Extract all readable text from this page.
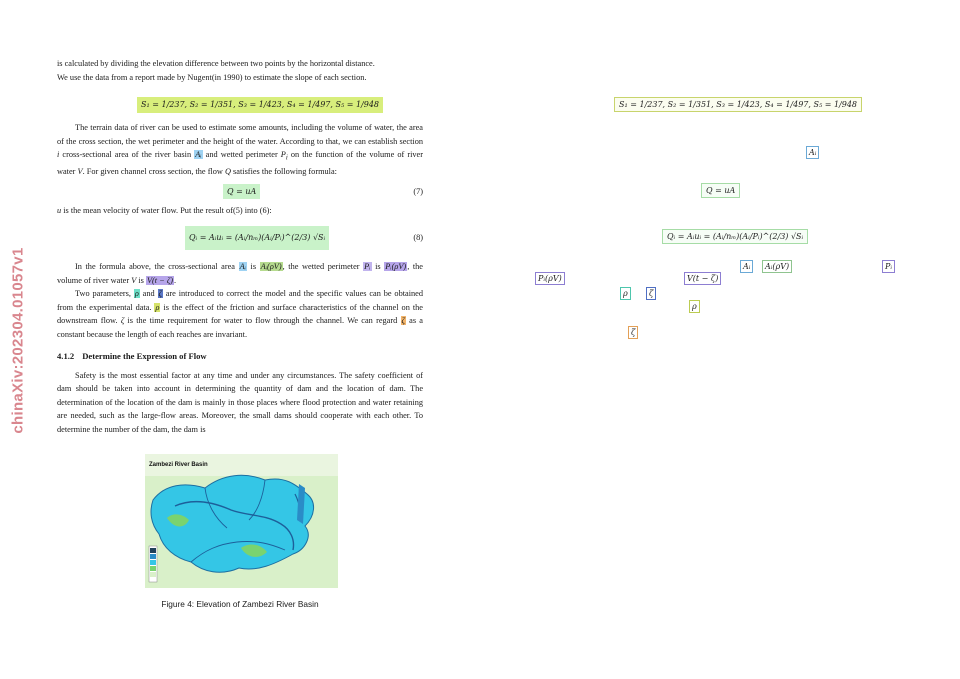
chinaXiv:202304.01057v1

is calculated by dividing the elevation difference between two points by the horizontal distance.
We use the data from a report made by Nugent(in 1990) to estimate the slope of each section.

S₁ = 1/237, S₂ = 1/351, S₃ = 1/423, S₄ = 1/497, S₅ = 1/948

The terrain data of river can be used to estimate some amounts, including the volume of water, the area of the cross section, the wet perimeter and the height of the water. According to that, we can establish section i cross-sectional area of the river basin Aᵢ and wetted perimeter $P_i$ on the function of the volume of river water V. For given channel cross section, the flow Q satisfies the following formula:

Q = uA	(7)

u is the mean velocity of water flow. Put the result of(5) into (6):

Qᵢ = Aᵢuᵢ = (Aᵢ/nₘ)(Aᵢ/Pᵢ)^(2/3) √Sᵢ	(8)

In the formula above, the cross-sectional area Aᵢ is Aᵢ(ρV), the wetted perimeter Pᵢ is Pᵢ(ρV), the volume of river water V is V(t − ζ).

Two parameters, ρ and ζ are introduced to correct the model and the specific values can be obtained from the experimental data. ρ is the effect of the friction and surface characteristics of the channel on the downstream flow. ζ is the time requirement for water to flow through the channel. We can regard ζ as a constant because the length of each reaches are invariant.

4.1.2 Determine the Expression of Flow

Safety is the most essential factor at any time and under any circumstances. The safety coefficient of dam should be taken into account in determining the quantity of dam and the location of dam. The determination of the location of the dam is mainly in those places where flood protection and water retaining are needed, such as the large-flow areas. Moreover, the small dams should cooperate with each other. To determine the number of the dam, the dam is

Zambezi River Basin
Figure 4: Elevation of Zambezi River Basin
S₁ = 1/237, S₂ = 1/351, S₃ = 1/423, S₄ = 1/497, S₅ = 1/948
Aᵢ
Q = uA
Qᵢ = Aᵢuᵢ = (Aᵢ/nₘ)(Aᵢ/Pᵢ)^(2/3) √Sᵢ
Aᵢ	Aᵢ(ρV)	Pᵢ
Pᵢ(ρV)	V(t − ζ)
ρ	ζ
ρ
ζ
